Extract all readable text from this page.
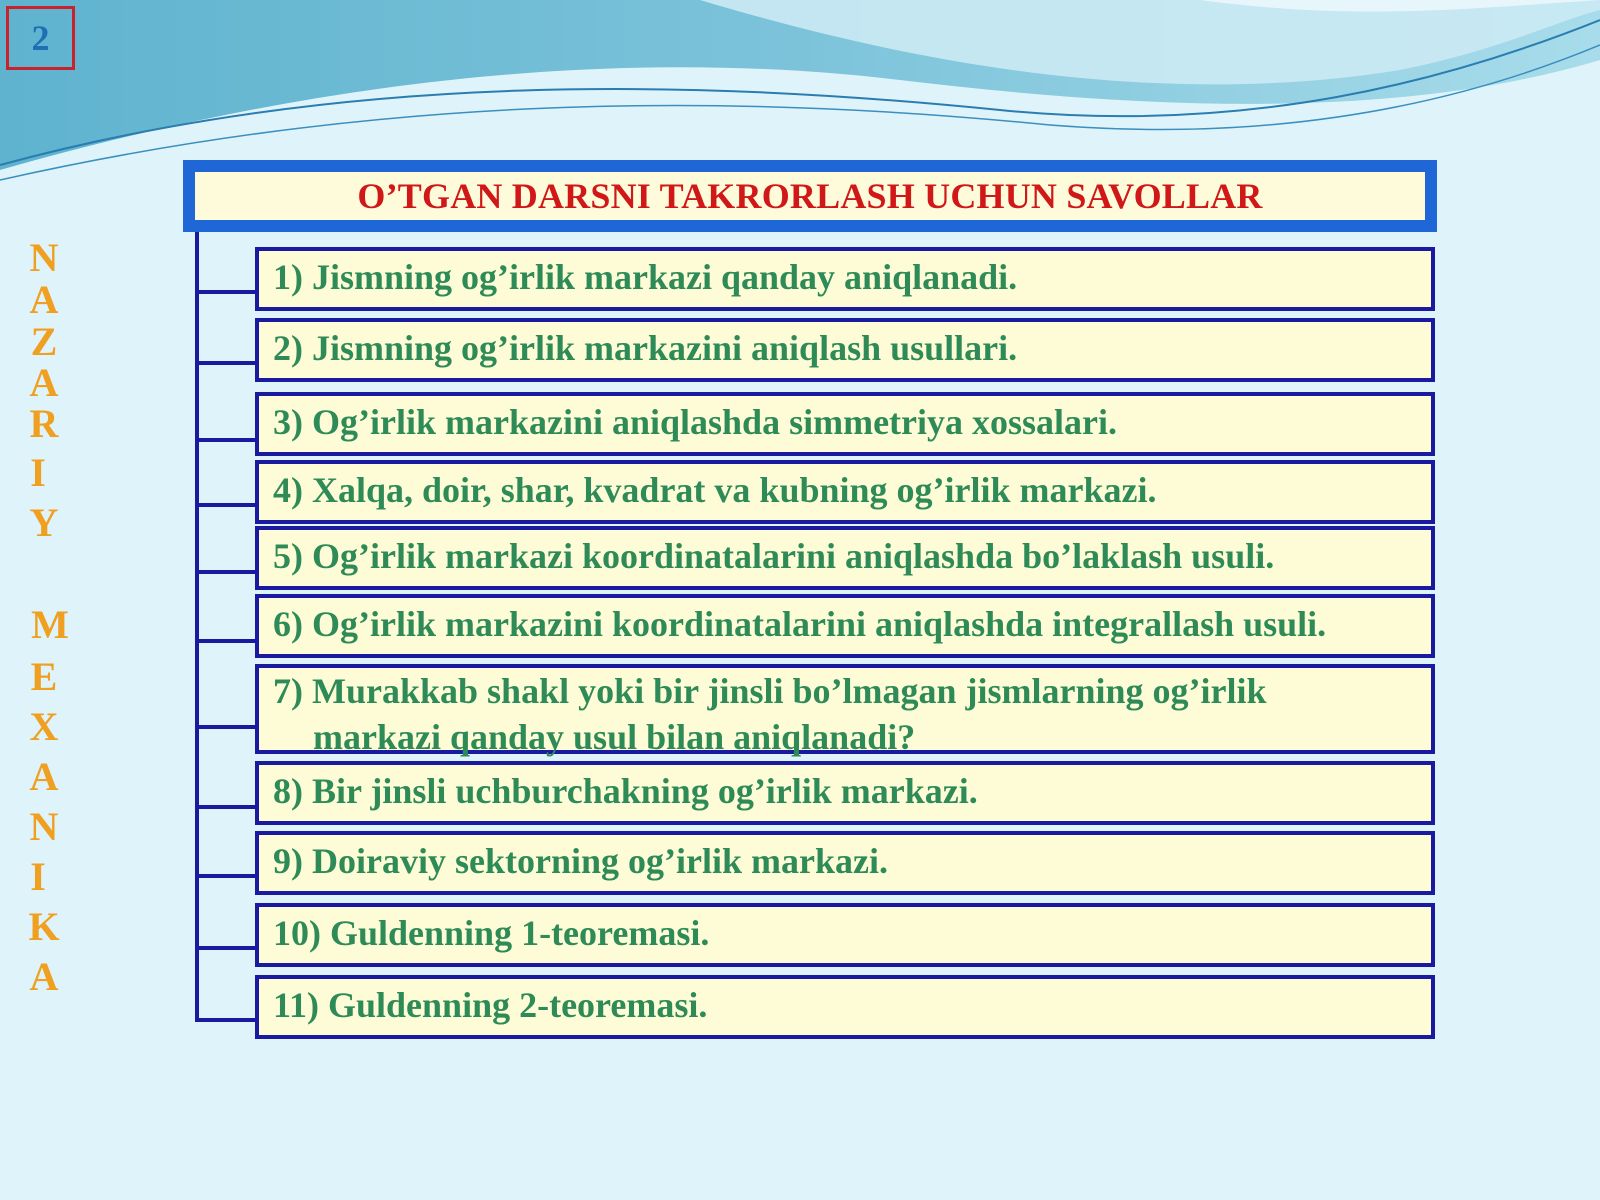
2
N
A
Z
A
R
I
Y
M
E
X
A
N
I
K
A
O’TGAN DARSNI TAKRORLASH UCHUN SAVOLLAR
1) Jismning og’irlik markazi qanday aniqlanadi.
2) Jismning og’irlik markazini aniqlash usullari.
3) Og’irlik markazini aniqlashda simmetriya xossalari.
4) Xalqa, doir, shar, kvadrat va kubning og’irlik markazi.
5) Og’irlik markazi koordinatalarini aniqlashda bo’laklash usuli.
6) Og’irlik markazini koordinatalarini aniqlashda integrallash usuli.
7) Murakkab shakl yoki bir jinsli bo’lmagan jismlarning og’irlik
markazi qanday usul bilan aniqlanadi?
8) Bir jinsli uchburchakning og’irlik markazi.
9) Doiraviy sektorning og’irlik markazi.
10) Guldenning 1-teoremasi.
11) Guldenning 2-teoremasi.
